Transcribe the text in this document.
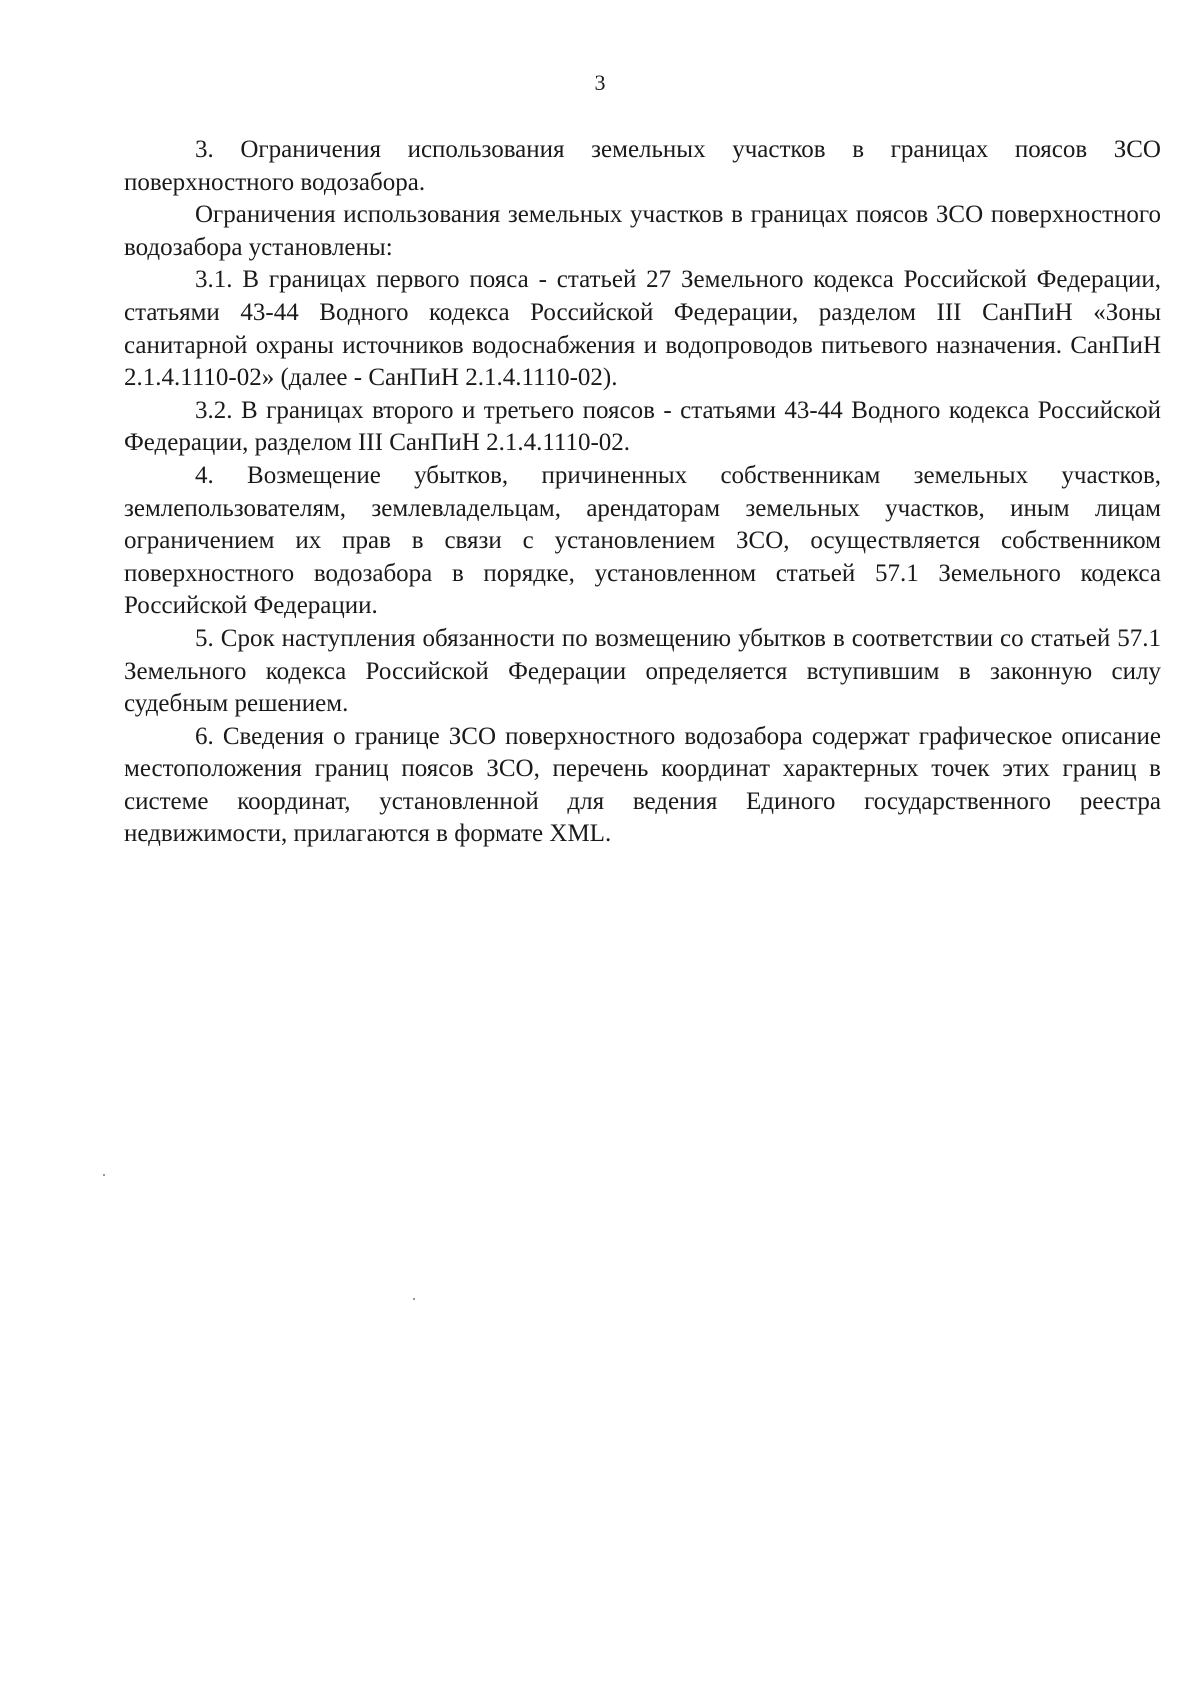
3

3. Ограничения использования земельных участков в границах поясов ЗСО поверхностного водозабора.

Ограничения использования земельных участков в границах поясов ЗСО поверхностного водозабора установлены:

3.1. В границах первого пояса - статьей 27 Земельного кодекса Российской Федерации, статьями 43-44 Водного кодекса Российской Федерации, разделом III СанПиН «Зоны санитарной охраны источников водоснабжения и водопроводов питьевого назначения. СанПиН 2.1.4.1110-02» (далее - СанПиН 2.1.4.1110-02).

3.2. В границах второго и третьего поясов - статьями 43-44 Водного кодекса Российской Федерации, разделом III СанПиН 2.1.4.1110-02.

4. Возмещение убытков, причиненных собственникам земельных участков, землепользователям, землевладельцам, арендаторам земельных участков, иным лицам ограничением их прав в связи с установлением ЗСО, осуществляется собственником поверхностного водозабора в порядке, установленном статьей 57.1 Земельного кодекса Российской Федерации.

5. Срок наступления обязанности по возмещению убытков в соответствии со статьей 57.1 Земельного кодекса Российской Федерации определяется вступившим в законную силу судебным решением.

6. Сведения о границе ЗСО поверхностного водозабора содержат графическое описание местоположения границ поясов ЗСО, перечень координат характерных точек этих границ в системе координат, установленной для ведения Единого государственного реестра недвижимости, прилагаются в формате XML.
